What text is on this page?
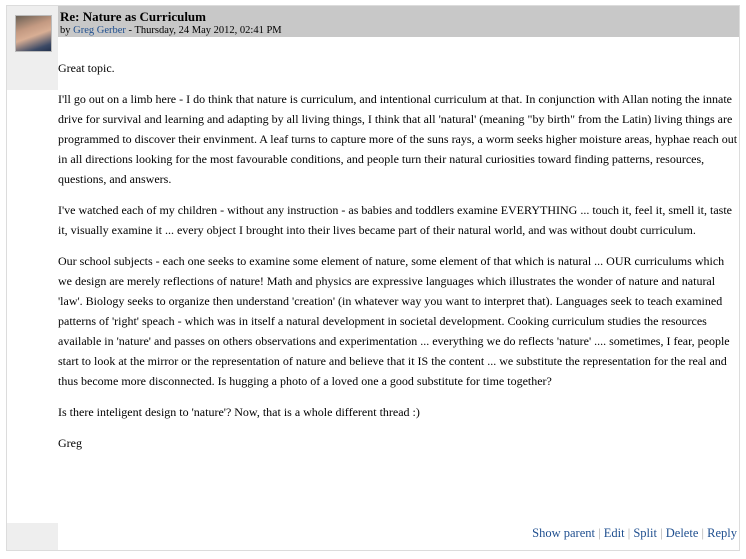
Re: Nature as Curriculum
by Greg Gerber - Thursday, 24 May 2012, 02:41 PM

Great topic.

I'll go out on a limb here - I do think that nature is curriculum, and intentional curriculum at that. In conjunction with Allan noting the innate drive for survival and learning and adapting by all living things, I think that all 'natural' (meaning "by birth" from the Latin) living things are programmed to discover their envinment. A leaf turns to capture more of the suns rays, a worm seeks higher moisture areas, hyphae reach out in all directions looking for the most favourable conditions, and people turn their natural curiosities toward finding patterns, resources, questions, and answers.

I've watched each of my children - without any instruction - as babies and toddlers examine EVERYTHING ... touch it, feel it, smell it, taste it, visually examine it ... every object I brought into their lives became part of their natural world, and was without doubt curriculum.

Our school subjects - each one seeks to examine some element of nature, some element of that which is natural ... OUR curriculums which we design are merely reflections of nature! Math and physics are expressive languages which illustrates the wonder of nature and natural 'law'. Biology seeks to organize then understand 'creation' (in whatever way you want to interpret that). Languages seek to teach examined patterns of 'right' speach - which was in itself a natural development in societal development. Cooking curriculum studies the resources available in 'nature' and passes on others observations and experimentation ... everything we do reflects 'nature' .... sometimes, I fear, people start to look at the mirror or the representation of nature and believe that it IS the content ... we substitute the representation for the real and thus become more disconnected. Is hugging a photo of a loved one a good substitute for time together?

Is there inteligent design to 'nature'? Now, that is a whole different thread :)

Greg

Show parent | Edit | Split | Delete | Reply
